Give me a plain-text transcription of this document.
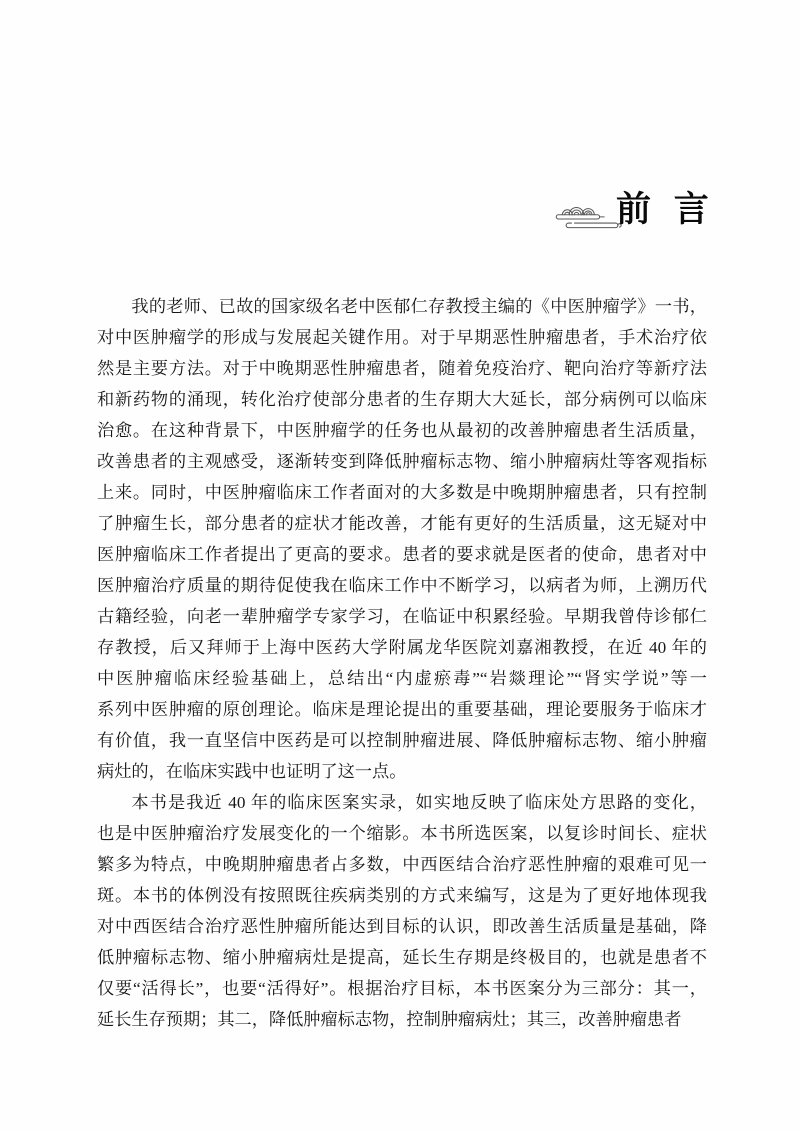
前 言
我的老师、已故的国家级名老中医郁仁存教授主编的《中医肿瘤学》一书，
对中医肿瘤学的形成与发展起关键作用。对于早期恶性肿瘤患者，手术治疗依
然是主要方法。对于中晚期恶性肿瘤患者，随着免疫治疗、靶向治疗等新疗法
和新药物的涌现，转化治疗使部分患者的生存期大大延长，部分病例可以临床
治愈。在这种背景下，中医肿瘤学的任务也从最初的改善肿瘤患者生活质量，
改善患者的主观感受，逐渐转变到降低肿瘤标志物、缩小肿瘤病灶等客观指标
上来。同时，中医肿瘤临床工作者面对的大多数是中晚期肿瘤患者，只有控制
了肿瘤生长，部分患者的症状才能改善，才能有更好的生活质量，这无疑对中
医肿瘤临床工作者提出了更高的要求。患者的要求就是医者的使命，患者对中
医肿瘤治疗质量的期待促使我在临床工作中不断学习，以病者为师，上溯历代
古籍经验，向老一辈肿瘤学专家学习，在临证中积累经验。早期我曾侍诊郁仁
存教授，后又拜师于上海中医药大学附属龙华医院刘嘉湘教授，在近 40 年的
中医肿瘤临床经验基础上，总结出“内虚瘀毒”“岩燚理论”“肾实学说”等一
系列中医肿瘤的原创理论。临床是理论提出的重要基础，理论要服务于临床才
有价值，我一直坚信中医药是可以控制肿瘤进展、降低肿瘤标志物、缩小肿瘤
病灶的，在临床实践中也证明了这一点。
本书是我近 40 年的临床医案实录，如实地反映了临床处方思路的变化，
也是中医肿瘤治疗发展变化的一个缩影。本书所选医案，以复诊时间长、症状
繁多为特点，中晚期肿瘤患者占多数，中西医结合治疗恶性肿瘤的艰难可见一
斑。本书的体例没有按照既往疾病类别的方式来编写，这是为了更好地体现我
对中西医结合治疗恶性肿瘤所能达到目标的认识，即改善生活质量是基础，降
低肿瘤标志物、缩小肿瘤病灶是提高，延长生存期是终极目的，也就是患者不
仅要“活得长”，也要“活得好”。根据治疗目标，本书医案分为三部分：其一，
延长生存预期；其二，降低肿瘤标志物，控制肿瘤病灶；其三，改善肿瘤患者
